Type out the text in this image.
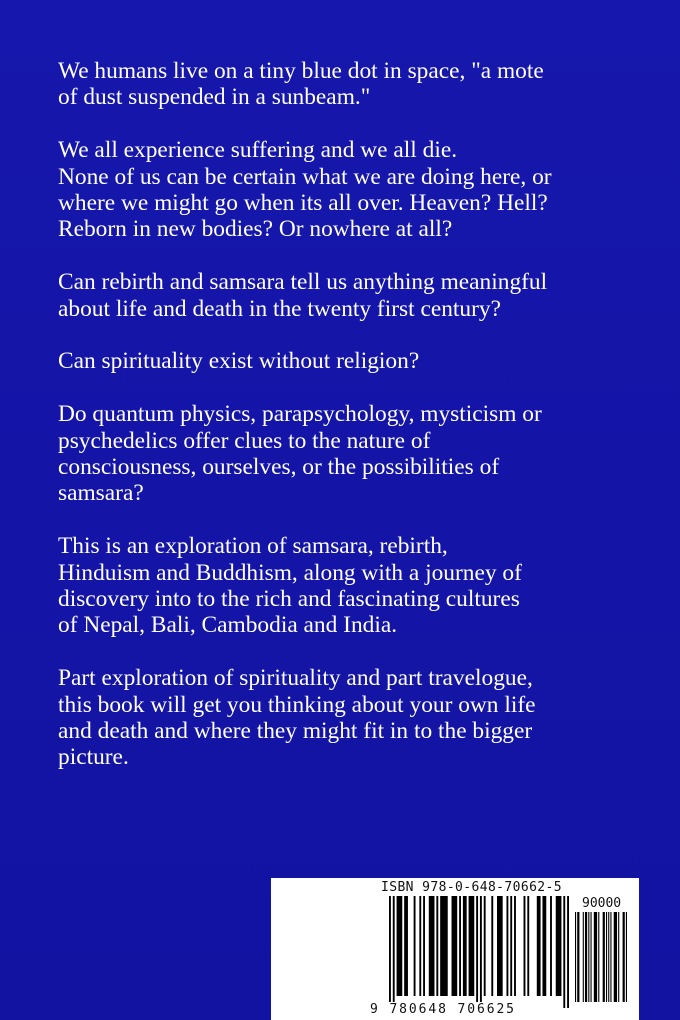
We humans live on a tiny blue dot in space, "a mote
of dust suspended in a sunbeam."

We all experience suffering and we all die.
None of us can be certain what we are doing here, or
where we might go when its all over. Heaven? Hell?
Reborn in new bodies? Or nowhere at all?

Can rebirth and samsara tell us anything meaningful
about life and death in the twenty first century?

Can spirituality exist without religion?

Do quantum physics, parapsychology, mysticism or
psychedelics offer clues to the nature of
consciousness, ourselves, or the possibilities of
samsara?

This is an exploration of samsara, rebirth,
Hinduism and Buddhism, along with a journey of
discovery into to the rich and fascinating cultures
of Nepal, Bali, Cambodia and India.

Part exploration of spirituality and part travelogue,
this book will get you thinking about your own life
and death and where they might fit in to the bigger
picture.

ISBN 978-0-648-70662-5
90000
9 780648 706625
